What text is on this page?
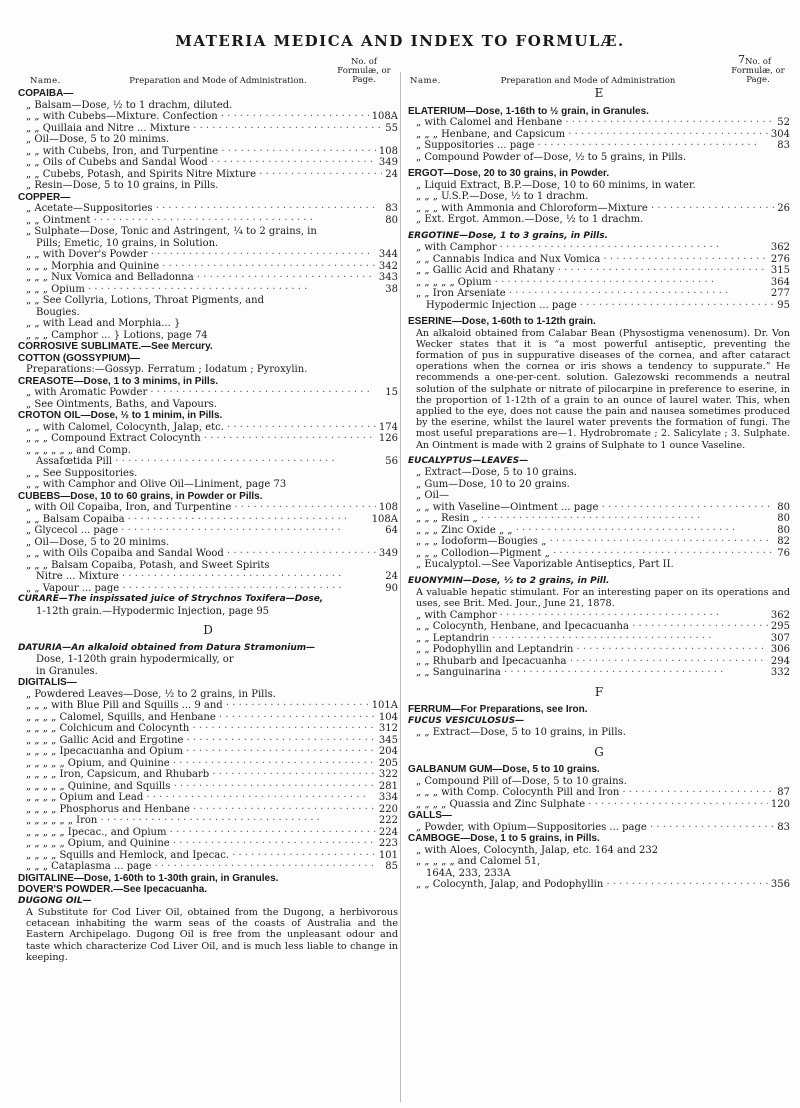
MATERIA MEDICA AND INDEX TO FORMULÆ.
7
Name.	Preparation and Mode of Administration.
No. of Formulæ, or Page.
COPAIBA—
„ Balsam—Dose, ½ to 1 drachm, diluted.
„ „ with Cubebs—Mixture. Confection · ·	108A
„ „ Quillaia and Nitre ... Mixture · ·	55
„ Oil—Dose, 5 to 20 minims.
„ „ with Cubebs, Iron, and Turpentine · ·	108
„ „ Oils of Cubebs and Sandal Wood · ·	349
„ „ Cubebs, Potash, and Spirits Nitre Mixture · ·	24
„ Resin—Dose, 5 to 10 grains, in Pills.
COPPER—
„ Acetate—Suppositories · ·	83
„ „ Ointment · ·	80
„ Sulphate—Dose, Tonic and Astringent, ¼ to 2 grains, in
Pills; Emetic, 10 grains, in Solution.
„ „ with Dover's Powder · ·	344
„ „ „ Morphia and Quinine · ·	342
„ „ „ Nux Vomica and Belladonna · ·	343
„ „ „ Opium · ·	38
„ „ See Collyria, Lotions, Throat Pigments, and
Bougies.
„ „ with Lead and Morphia... }
„ „ „ Camphor ... } Lotions, page 74
CORROSIVE SUBLIMATE.—See Mercury.
COTTON (GOSSYPIUM)—
Preparations:—Gossyp. Ferratum ; Iodatum ; Pyroxylin.
CREASOTE—Dose, 1 to 3 minims, in Pills.
„ with Aromatic Powder · ·	15
„ See Ointments, Baths, and Vapours.
CROTON OIL—Dose, ½ to 1 minim, in Pills.
„ „ with Calomel, Colocynth, Jalap, etc. · ·	174
„ „ „ Compound Extract Colocynth · ·	126
„ „ „ „ „ „ and Comp.
Assafœtida Pill · ·	56
„ „ See Suppositories.
„ „ with Camphor and Olive Oil—Liniment, page 73
CUBEBS—Dose, 10 to 60 grains, in Powder or Pills.
„ with Oil Copaiba, Iron, and Turpentine · ·	108
„ „ Balsam Copaiba · ·	108A
„ Glycecol ... page · ·	64
„ Oil—Dose, 5 to 20 minims.
„ „ with Oils Copaiba and Sandal Wood · ·	349
„ „ „ Balsam Copaiba, Potash, and Sweet Spirits
Nitre ... Mixture · ·	24
„ „ Vapour ... page · ·	90
CURARE—The inspissated juice of Strychnos Toxifera—Dose,
1-12th grain.—Hypodermic Injection, page 95
D
DATURIA—An alkaloid obtained from Datura Stramonium—
Dose, 1-120th grain hypodermically, or
in Granules.
DIGITALIS—
„ Powdered Leaves—Dose, ½ to 2 grains, in Pills.
„ „ „ with Blue Pill and Squills ... 9 and · ·	101A
„ „ „ „ Calomel, Squills, and Henbane · ·	104
„ „ „ „ Colchicum and Colocynth · ·	312
„ „ „ „ Gallic Acid and Ergotine · ·	345
„ „ „ „ Ipecacuanha and Opium · ·	204
„ „ „ „ „ Opium, and Quinine · ·	205
„ „ „ „ Iron, Capsicum, and Rhubarb · ·	322
„ „ „ „ „ Quinine, and Squills · ·	281
„ „ „ „ Opium and Lead · ·	334
„ „ „ „ Phosphorus and Henbane · ·	220
„ „ „ „ „ „ Iron · ·	222
„ „ „ „ „ Ipecac., and Opium · ·	224
„ „ „ „ „ Opium, and Quinine · ·	223
„ „ „ „ Squills and Hemlock, and Ipecac. · ·	101
„ „ „ Cataplasma ... page · ·	85
DIGITALINE—Dose, 1-60th to 1-30th grain, in Granules.
DOVER'S POWDER.—See Ipecacuanha.
DUGONG OIL—
A Substitute for Cod Liver Oil, obtained from the Dugong, a herbivorous cetacean inhabiting the warm seas of the coasts of Australia and the Eastern Archipelago. Dugong Oil is free from the unpleasant odour and taste which characterize Cod Liver Oil, and is much less liable to change in keeping.
Name.	Preparation and Mode of Administration
No. of Formulæ, or Page.
E
ELATERIUM—Dose, 1-16th to ½ grain, in Granules.
„ with Calomel and Henbane · ·	52
„ „ „ Henbane, and Capsicum · ·	304
„ Suppositories ... page · ·	83
„ Compound Powder of—Dose, ½ to 5 grains, in Pills.
ERGOT—Dose, 20 to 30 grains, in Powder.
„ Liquid Extract, B.P.—Dose, 10 to 60 minims, in water.
„ „ „ U.S.P.—Dose, ½ to 1 drachm.
„ „ „ with Ammonia and Chloroform—Mixture · ·	26
„ Ext. Ergot. Ammon.—Dose, ½ to 1 drachm.
ERGOTINE—Dose, 1 to 3 grains, in Pills.
„ with Camphor · ·	362
„ „ Cannabis Indica and Nux Vomica · ·	276
„ „ Gallic Acid and Rhatany · ·	315
„ „ „ „ „ Opium · ·	364
„ „ Iron Arseniate · ·	277
Hypodermic Injection ... page · ·	95
ESERINE—Dose, 1-60th to 1-12th grain.
An alkaloid obtained from Calabar Bean (Physostigma venenosum). Dr. Von Wecker states that it is “a most powerful antiseptic, preventing the formation of pus in suppurative diseases of the cornea, and after cataract operations when the cornea or iris shows a tendency to suppurate.” He recommends a one-per-cent. solution. Galezowski recommends a neutral solution of the sulphate or nitrate of pilocarpine in preference to eserine, in the proportion of 1-12th of a grain to an ounce of laurel water. This, when applied to the eye, does not cause the pain and nausea sometimes produced by the eserine, whilst the laurel water prevents the formation of fungi. The most useful preparations are—1. Hydrobromate ; 2. Salicylate ; 3. Sulphate. An Ointment is made with 2 grains of Sulphate to 1 ounce Vaseline.
EUCALYPTUS—LEAVES—
„ Extract—Dose, 5 to 10 grains.
„ Gum—Dose, 10 to 20 grains.
„ Oil—
„ „ with Vaseline—Ointment ... page · ·	80
„ „ „ Resin „ · ·	80
„ „ „ Zinc Oxide „ „ · ·	80
„ „ „ Iodoform—Bougies „ · ·	82
„ „ „ Collodion—Pigment „ · ·	76
„ Eucalyptol.—See Vaporizable Antiseptics, Part II.
EUONYMIN—Dose, ½ to 2 grains, in Pill.
A valuable hepatic stimulant. For an interesting paper on its operations and uses, see Brit. Med. Jour., June 21, 1878.
„ with Camphor · ·	362
„ „ Colocynth, Henbane, and Ipecacuanha · ·	295
„ „ Leptandrin · ·	307
„ „ Podophyllin and Leptandrin · ·	306
„ „ Rhubarb and Ipecacuanha · ·	294
„ „ Sanguinarina · ·	332
F
FERRUM—For Preparations, see Iron.
FUCUS VESICULOSUS—
„ „ Extract—Dose, 5 to 10 grains, in Pills.
G
GALBANUM GUM—Dose, 5 to 10 grains.
„ Compound Pill of—Dose, 5 to 10 grains.
„ „ „ with Comp. Colocynth Pill and Iron · ·	87
„ „ „ „ Quassia and Zinc Sulphate · ·	120
GALLS—
„ Powder, with Opium—Suppositories ... page · ·	83
CAMBOGE—Dose, 1 to 5 grains, in Pills.
„ with Aloes, Colocynth, Jalap, etc. 164 and 232
„ „ „ „ „ and Calomel 51,
164A, 233, 233A
„ „ Colocynth, Jalap, and Podophyllin · ·	356
